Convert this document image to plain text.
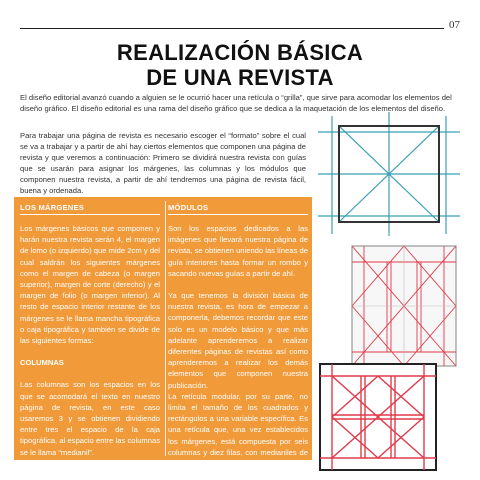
07
REALIZACIÓN BÁSICA
DE UNA REVISTA

El diseño editorial avanzó cuando a alguien se le ocurrió hacer una retícula o “grilla”, que sirve para acomodar los elementos del diseño gráfico. El diseño editorial es una rama del diseño gráfico que se dedica a la maquetación de los elementos del diseño.

Para trabajar una página de revista es necesario escoger el “formato” sobre el cual se va a trabajar y a partir de ahí hay ciertos elementos que componen una página de revista y que veremos a continuación: Primero se dividirá nuestra revista con guías que se usarán para asignar los márgenes, las columnas y los módulos que componen nuestra revista, a partir de ahí tendremos una página de revista fácil, buena y ordenada.

LOS MÁRGENES
Los márgenes básicos que componen y harán nuestra revista serán 4, el margen de lomo (o izquierdo) que mide 2cm y del cual saldrán los siguientes márgenes como el margen de cabeza (o margen superior), margen de corte (derecho) y el margen de folio (o margen inferior). Al resto de espacio interior restante de los márgenes se le llama mancha tipográfica o caja tipográfica y también se divide de las siguientes formas:
COLUMNAS
Las columnas son los espacios en los que se acomodará el texto en nuestro página de revista, en este caso usaremos 3 y se obtienen dividiendo entre tres el espacio de la caja tipográfica, al espacio entre las columnas se le llama “medianil”.
MÓDULOS
Son los espacios dedicados a las imágenes que llevará nuestra página de revista, se obtienen uniendo las líneas de guía interiores hasta formar un rombo y sacando nuevas guías a partir de ahí.
Ya que tenemos la división básica de nuestra revista, es hora de empezar a componerla, debemos recordar que este solo es un modelo básico y que más adelante aprenderemos a realizar diferentes páginas de revistas así como aprenderemos a realizar los demás elementos que componen nuestra publicación.
La retícula modular, por su parte, no limita el tamaño de los cuadrados y rectángulos a una variable específica. Es una retícula que, una vez establecidos los márgenes, está compuesta por seis columnas y diez filas, con medianiles de 5 milímetros.
